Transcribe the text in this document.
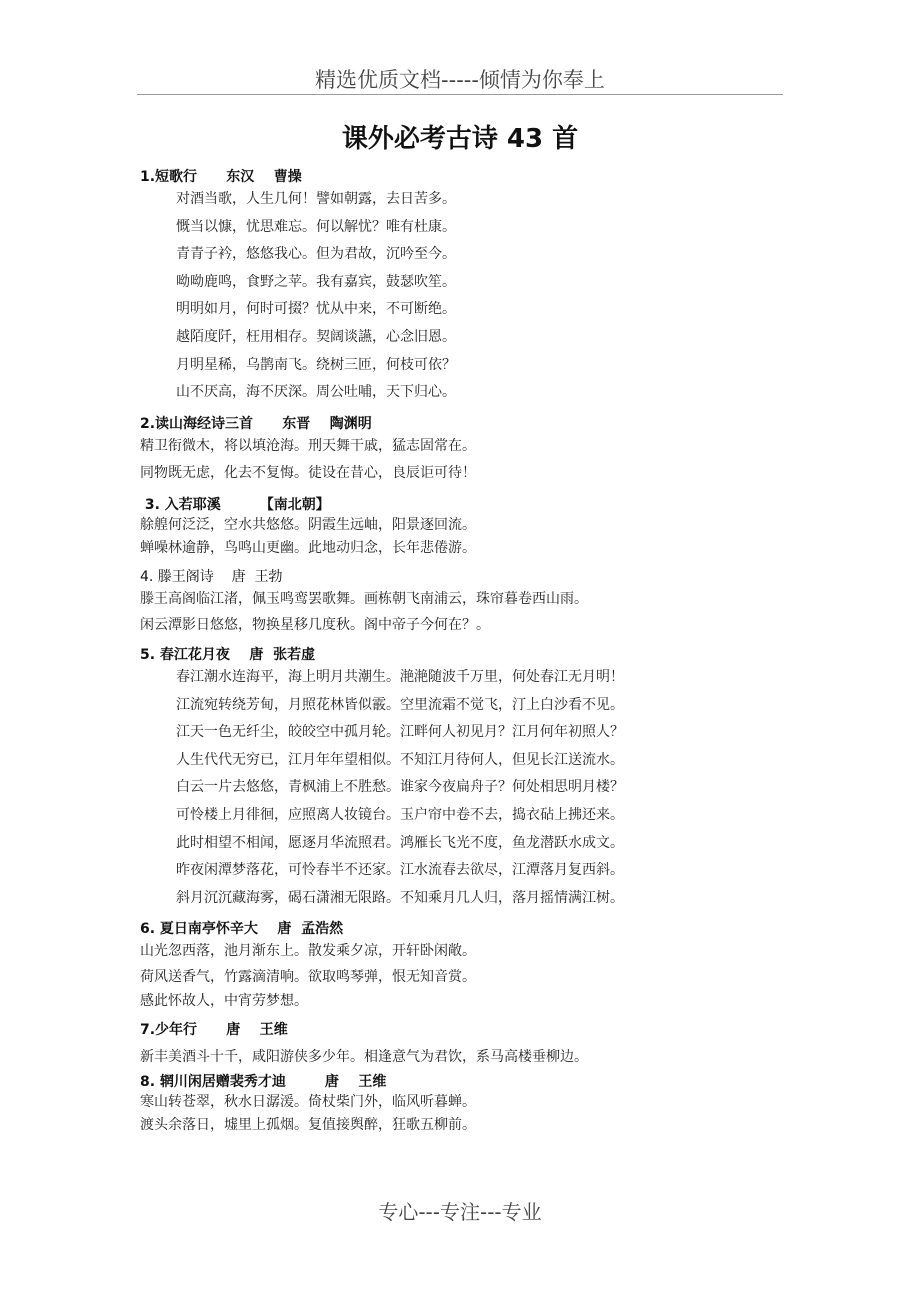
精选优质文档-----倾情为你奉上
课外必考古诗 43 首
1.短歌行      东汉    曹操
对酒当歌，人生几何！譬如朝露，去日苦多。
慨当以慷，忧思难忘。何以解忧？唯有杜康。
青青子衿，悠悠我心。但为君故，沉吟至今。
呦呦鹿鸣，食野之苹。我有嘉宾，鼓瑟吹笙。
明明如月，何时可掇？忧从中来，不可断绝。
越陌度阡，枉用相存。契阔谈讌，心念旧恩。
月明星稀，乌鹊南飞。绕树三匝，何枝可依？
山不厌高，海不厌深。周公吐哺，天下归心。
2.读山海经诗三首      东晋    陶渊明
精卫衔微木，将以填沧海。刑天舞干戚，猛志固常在。
同物既无虑，化去不复悔。徒设在昔心，良辰讵可待！
3. 入若耶溪        【南北朝】
艅艎何泛泛，空水共悠悠。阴霞生远岫，阳景逐回流。
蝉噪林逾静，鸟鸣山更幽。此地动归念，长年悲倦游。
4. 滕王阁诗    唐  王勃
滕王高阁临江渚，佩玉鸣鸾罢歌舞。画栋朝飞南浦云，珠帘暮卷西山雨。
闲云潭影日悠悠，物换星移几度秋。阁中帝子今何在？。
5. 春江花月夜    唐  张若虚
春江潮水连海平，海上明月共潮生。滟滟随波千万里，何处春江无月明！
江流宛转绕芳甸，月照花林皆似霰。空里流霜不觉飞，汀上白沙看不见。
江天一色无纤尘，皎皎空中孤月轮。江畔何人初见月？江月何年初照人？
人生代代无穷已，江月年年望相似。不知江月待何人，但见长江送流水。
白云一片去悠悠，青枫浦上不胜愁。谁家今夜扁舟子？何处相思明月楼？
可怜楼上月徘徊，应照离人妆镜台。玉户帘中卷不去，捣衣砧上拂还来。
此时相望不相闻，愿逐月华流照君。鸿雁长飞光不度，鱼龙潜跃水成文。
昨夜闲潭梦落花，可怜春半不还家。江水流春去欲尽，江潭落月复西斜。
斜月沉沉藏海雾，碣石潇湘无限路。不知乘月几人归，落月摇情满江树。
6. 夏日南亭怀辛大    唐  孟浩然
山光忽西落，池月渐东上。散发乘夕凉，开轩卧闲敞。
荷风送香气，竹露滴清响。欲取鸣琴弹，恨无知音赏。
感此怀故人，中宵劳梦想。
7.少年行      唐    王维
新丰美酒斗十千，咸阳游侠多少年。相逢意气为君饮，系马高楼垂柳边。
8. 辋川闲居赠裴秀才迪        唐    王维
寒山转苍翠，秋水日潺湲。倚杖柴门外，临风听暮蝉。
渡头余落日，墟里上孤烟。复值接舆醉，狂歌五柳前。
专心---专注---专业
